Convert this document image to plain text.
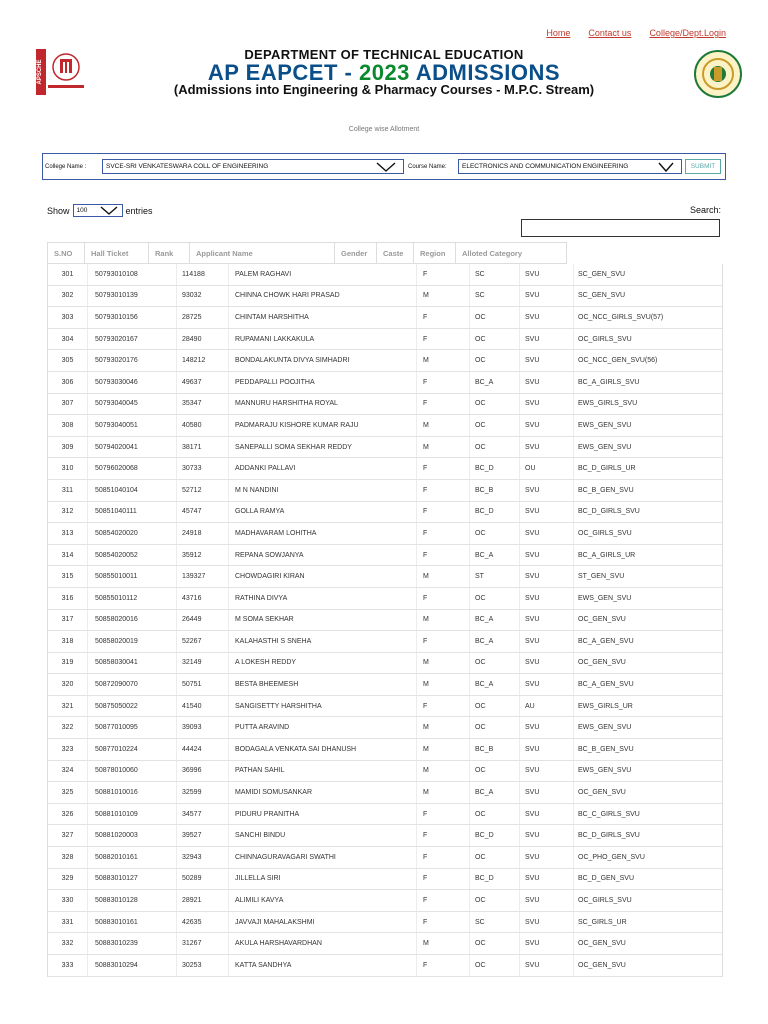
Home Contact us College/Dept.Login
APSCHE
DEPARTMENT OF TECHNICAL EDUCATION
AP EAPCET - 2023 ADMISSIONS
(Admissions into Engineering & Pharmacy Courses - M.P.C. Stream)
College wise Allotment
College Name :	SVCE-SRI VENKATESWARA COLL OF ENGINEERING	Course Name:	ELECTRONICS AND COMMUNICATION ENGINEERING	SUBMIT
Show	100	entries	Search:
S.NO	Hall Ticket	Rank	Applicant Name	Gender	Caste	Region	Alloted Category
301	50793010108	114188	PALEM RAGHAVI	F	SC	SVU	SC_GEN_SVU
302	50793010139	93032	CHINNA CHOWK HARI PRASAD	M	SC	SVU	SC_GEN_SVU
303	50793010156	28725	CHINTAM HARSHITHA	F	OC	SVU	OC_NCC_GIRLS_SVU(57)
304	50793020167	28490	RUPAMANI LAKKAKULA	F	OC	SVU	OC_GIRLS_SVU
305	50793020176	148212	BONDALAKUNTA DIVYA SIMHADRI	M	OC	SVU	OC_NCC_GEN_SVU(56)
306	50793030046	49637	PEDDAPALLI POOJITHA	F	BC_A	SVU	BC_A_GIRLS_SVU
307	50793040045	35347	MANNURU HARSHITHA ROYAL	F	OC	SVU	EWS_GIRLS_SVU
308	50793040051	40580	PADMARAJU KISHORE KUMAR RAJU	M	OC	SVU	EWS_GEN_SVU
309	50794020041	38171	SANEPALLI SOMA SEKHAR REDDY	M	OC	SVU	EWS_GEN_SVU
310	50796020068	30733	ADDANKI PALLAVI	F	BC_D	OU	BC_D_GIRLS_UR
311	50851040104	52712	M N NANDINI	F	BC_B	SVU	BC_B_GEN_SVU
312	50851040111	45747	GOLLA RAMYA	F	BC_D	SVU	BC_D_GIRLS_SVU
313	50854020020	24918	MADHAVARAM LOHITHA	F	OC	SVU	OC_GIRLS_SVU
314	50854020052	35912	REPANA SOWJANYA	F	BC_A	SVU	BC_A_GIRLS_UR
315	50855010011	139327	CHOWDAGIRI KIRAN	M	ST	SVU	ST_GEN_SVU
316	50855010112	43716	RATHINA DIVYA	F	OC	SVU	EWS_GEN_SVU
317	50858020016	26449	M SOMA SEKHAR	M	BC_A	SVU	OC_GEN_SVU
318	50858020019	52267	KALAHASTHI S SNEHA	F	BC_A	SVU	BC_A_GEN_SVU
319	50858030041	32149	A LOKESH REDDY	M	OC	SVU	OC_GEN_SVU
320	50872090070	50751	BESTA BHEEMESH	M	BC_A	SVU	BC_A_GEN_SVU
321	50875050022	41540	SANGISETTY HARSHITHA	F	OC	AU	EWS_GIRLS_UR
322	50877010095	39093	PUTTA ARAVIND	M	OC	SVU	EWS_GEN_SVU
323	50877010224	44424	BODAGALA VENKATA SAI DHANUSH	M	BC_B	SVU	BC_B_GEN_SVU
324	50878010060	36996	PATHAN SAHIL	M	OC	SVU	EWS_GEN_SVU
325	50881010016	32599	MAMIDI SOMUSANKAR	M	BC_A	SVU	OC_GEN_SVU
326	50881010109	34577	PIDURU PRANITHA	F	OC	SVU	BC_C_GIRLS_SVU
327	50881020003	39527	SANCHI BINDU	F	BC_D	SVU	BC_D_GIRLS_SVU
328	50882010161	32943	CHINNAGURAVAGARI SWATHI	F	OC	SVU	OC_PHO_GEN_SVU
329	50883010127	50289	JILLELLA SIRI	F	BC_D	SVU	BC_D_GEN_SVU
330	50883010128	28921	ALIMILI KAVYA	F	OC	SVU	OC_GIRLS_SVU
331	50883010161	42635	JAVVAJI MAHALAKSHMI	F	SC	SVU	SC_GIRLS_UR
332	50883010239	31267	AKULA HARSHAVARDHAN	M	OC	SVU	OC_GEN_SVU
333	50883010294	30253	KATTA SANDHYA	F	OC	SVU	OC_GEN_SVU
